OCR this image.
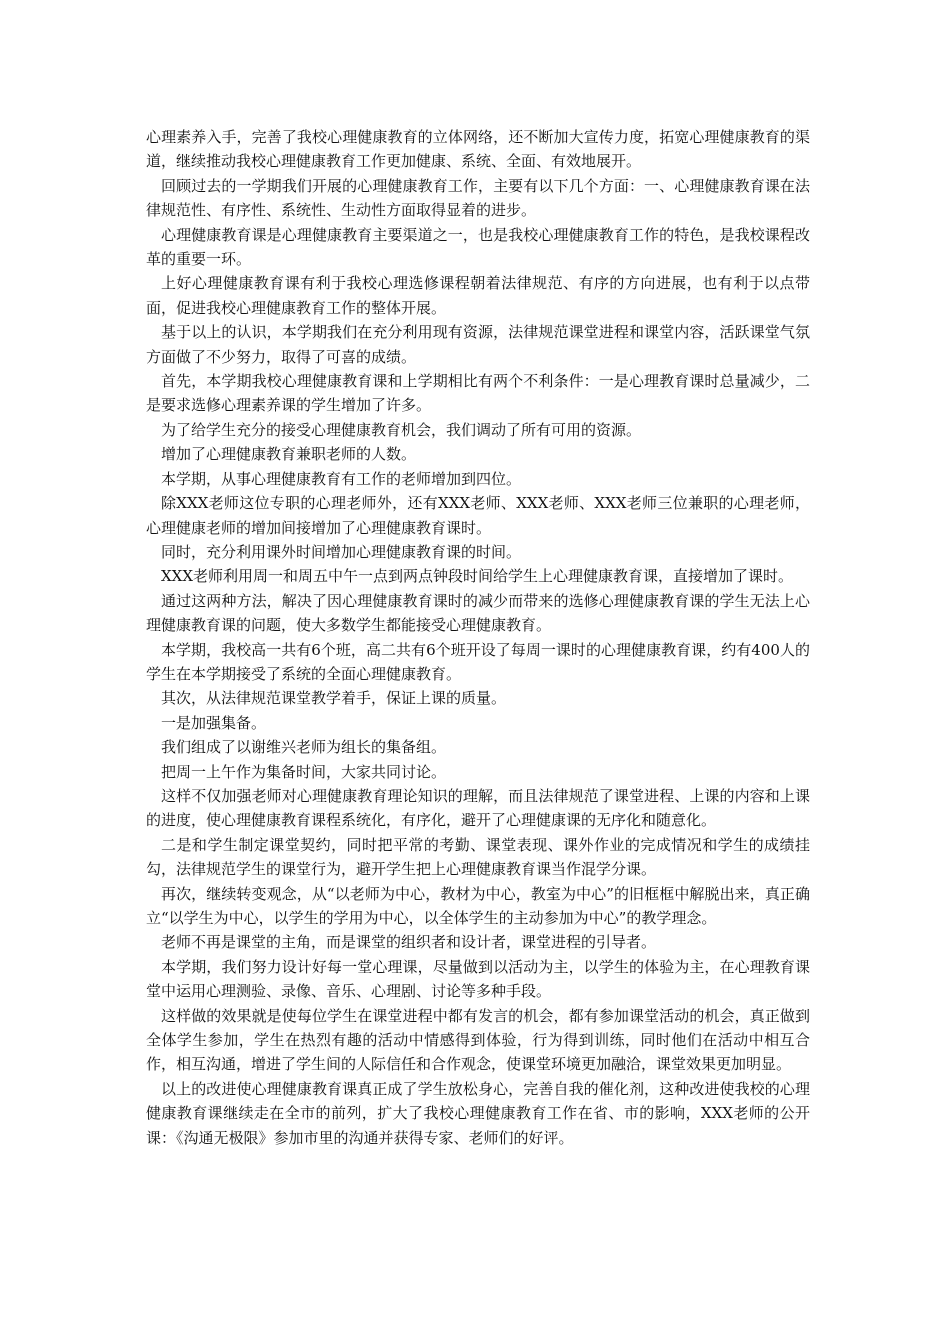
心理素养入手，完善了我校心理健康教育的立体网络，还不断加大宣传力度，拓宽心理健康教育的渠道，继续推动我校心理健康教育工作更加健康、系统、全面、有效地展开。

回顾过去的一学期我们开展的心理健康教育工作，主要有以下几个方面：一、心理健康教育课在法律规范性、有序性、系统性、生动性方面取得显着的进步。

心理健康教育课是心理健康教育主要渠道之一，也是我校心理健康教育工作的特色，是我校课程改革的重要一环。

上好心理健康教育课有利于我校心理选修课程朝着法律规范、有序的方向进展，也有利于以点带面，促进我校心理健康教育工作的整体开展。

基于以上的认识，本学期我们在充分利用现有资源，法律规范课堂进程和课堂内容，活跃课堂气氛方面做了不少努力，取得了可喜的成绩。

首先，本学期我校心理健康教育课和上学期相比有两个不利条件：一是心理教育课时总量减少，二是要求选修心理素养课的学生增加了许多。

为了给学生充分的接受心理健康教育机会，我们调动了所有可用的资源。

增加了心理健康教育兼职老师的人数。

本学期，从事心理健康教育有工作的老师增加到四位。

除XXX老师这位专职的心理老师外，还有XXX老师、XXX老师、XXX老师三位兼职的心理老师，心理健康老师的增加间接增加了心理健康教育课时。

同时，充分利用课外时间增加心理健康教育课的时间。

XXX老师利用周一和周五中午一点到两点钟段时间给学生上心理健康教育课，直接增加了课时。

通过这两种方法，解决了因心理健康教育课时的减少而带来的选修心理健康教育课的学生无法上心理健康教育课的问题，使大多数学生都能接受心理健康教育。

本学期，我校高一共有6个班，高二共有6个班开设了每周一课时的心理健康教育课，约有400人的学生在本学期接受了系统的全面心理健康教育。

其次，从法律规范课堂教学着手，保证上课的质量。

一是加强集备。

我们组成了以谢维兴老师为组长的集备组。

把周一上午作为集备时间，大家共同讨论。

这样不仅加强老师对心理健康教育理论知识的理解，而且法律规范了课堂进程、上课的内容和上课的进度，使心理健康教育课程系统化，有序化，避开了心理健康课的无序化和随意化。

二是和学生制定课堂契约，同时把平常的考勤、课堂表现、课外作业的完成情况和学生的成绩挂勾，法律规范学生的课堂行为，避开学生把上心理健康教育课当作混学分课。

再次，继续转变观念，从“以老师为中心，教材为中心，教室为中心”的旧框框中解脱出来，真正确立“以学生为中心，以学生的学用为中心，以全体学生的主动参加为中心”的教学理念。

老师不再是课堂的主角，而是课堂的组织者和设计者，课堂进程的引导者。

本学期，我们努力设计好每一堂心理课，尽量做到以活动为主，以学生的体验为主，在心理教育课堂中运用心理测验、录像、音乐、心理剧、讨论等多种手段。

这样做的效果就是使每位学生在课堂进程中都有发言的机会，都有参加课堂活动的机会，真正做到全体学生参加，学生在热烈有趣的活动中情感得到体验，行为得到训练，同时他们在活动中相互合作，相互沟通，增进了学生间的人际信任和合作观念，使课堂环境更加融洽，课堂效果更加明显。

以上的改进使心理健康教育课真正成了学生放松身心，完善自我的催化剂，这种改进使我校的心理健康教育课继续走在全市的前列，扩大了我校心理健康教育工作在省、市的影响，XXX老师的公开课：《沟通无极限》参加市里的沟通并获得专家、老师们的好评。
